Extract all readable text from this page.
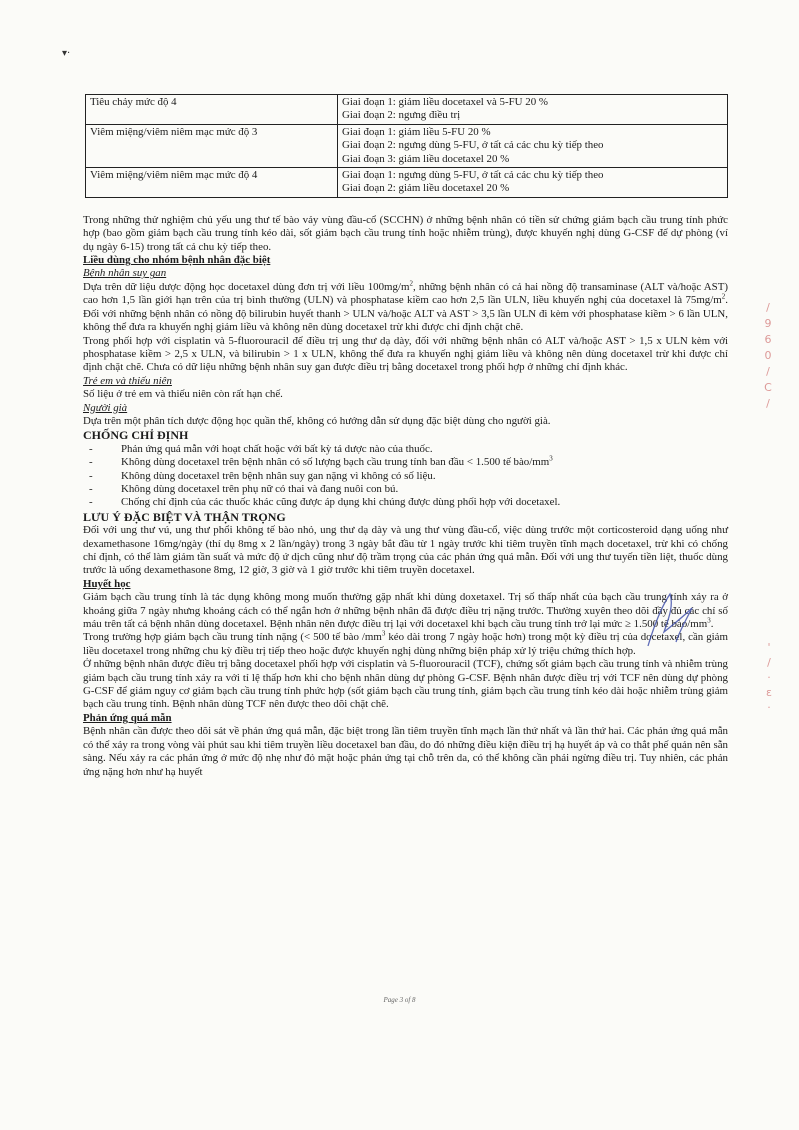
▾·
Tiêu chảy mức độ 4	Giai đoạn 1: giảm liều docetaxel và 5-FU 20 %
Giai đoạn 2: ngưng điều trị

Viêm miệng/viêm niêm mạc mức độ 3	Giai đoạn 1: giảm liều 5-FU 20 %
Giai đoạn 2: ngưng dùng 5-FU, ở tất cả các chu kỳ tiếp theo
Giai đoạn 3: giảm liều docetaxel 20 %

Viêm miệng/viêm niêm mạc mức độ 4	Giai đoạn 1: ngưng dùng 5-FU, ở tất cả các chu kỳ tiếp theo
Giai đoạn 2: giảm liều docetaxel 20 %

Trong những thử nghiệm chủ yếu ung thư tế bào vảy vùng đầu-cổ (SCCHN) ở những bệnh nhân có tiền sử chứng giảm bạch cầu trung tính phức hợp (bao gồm giảm bạch cầu trung tính kéo dài, sốt giảm bạch cầu trung tính hoặc nhiễm trùng), được khuyến nghị dùng G-CSF để dự phòng (ví dụ ngày 6-15) trong tất cả chu kỳ tiếp theo.

Liều dùng cho nhóm bệnh nhân đặc biệt
Bệnh nhân suy gan

Dựa trên dữ liệu dược động học docetaxel dùng đơn trị với liều $100mg/m^2$, những bệnh nhân có cả hai nồng độ transaminase (ALT và/hoặc AST) cao hơn 1,5 lần giới hạn trên của trị bình thường (ULN) và phosphatase kiềm cao hơn 2,5 lần ULN, liều khuyến nghị của docetaxel là $75mg/m^2$. Đối với những bệnh nhân có nồng độ bilirubin huyết thanh > ULN và/hoặc ALT và AST > 3,5 lần ULN đi kèm với phosphatase kiềm > 6 lần ULN, không thể đưa ra khuyến nghị giảm liều và không nên dùng docetaxel trừ khi được chỉ định chặt chẽ.

Trong phối hợp với cisplatin và 5-fluorouracil để điều trị ung thư dạ dày, đối với những bệnh nhân có ALT và/hoặc AST > 1,5 x ULN kèm với phosphatase kiềm > 2,5 x ULN, và bilirubin > 1 x ULN, không thể đưa ra khuyến nghị giảm liều và không nên dùng docetaxel trừ khi được chỉ định chặt chẽ. Chưa có dữ liệu những bệnh nhân suy gan được điều trị bằng docetaxel trong phối hợp ở những chỉ định khác.

Trẻ em và thiếu niên

Số liệu ở trẻ em và thiếu niên còn rất hạn chế.

Người già

Dựa trên một phân tích dược động học quần thể, không có hướng dẫn sử dụng đặc biệt dùng cho người già.

CHỐNG CHỈ ĐỊNH
-	Phản ứng quá mẫn với hoạt chất hoặc với bất kỳ tá dược nào của thuốc.
-	Không dùng docetaxel trên bệnh nhân có số lượng bạch cầu trung tính ban đầu < 1.500 tế bào/$mm^3$
-	Không dùng docetaxel trên bệnh nhân suy gan nặng vì không có số liệu.
-	Không dùng docetaxel trên phụ nữ có thai và đang nuôi con bú.
-	Chống chỉ định của các thuốc khác cũng được áp dụng khi chúng được dùng phối hợp với docetaxel.
LƯU Ý ĐẶC BIỆT VÀ THẬN TRỌNG

Đối với ung thư vú, ung thư phổi không tế bào nhỏ, ung thư dạ dày và ung thư vùng đầu-cổ, việc dùng trước một corticosteroid dạng uống như dexamethasone 16mg/ngày (thí dụ 8mg x 2 lần/ngày) trong 3 ngày bắt đầu từ 1 ngày trước khi tiêm truyền tĩnh mạch docetaxel, trừ khi có chống chỉ định, có thể làm giảm tần suất và mức độ ứ dịch cũng như độ trầm trọng của các phản ứng quá mẫn. Đối với ung thư tuyến tiền liệt, thuốc dùng trước là uống dexamethasone 8mg, 12 giờ, 3 giờ và 1 giờ trước khi tiêm truyền docetaxel.

Huyết học

Giảm bạch cầu trung tính là tác dụng không mong muốn thường gặp nhất khi dùng doxetaxel. Trị số thấp nhất của bạch cầu trung tính xảy ra ở khoảng giữa 7 ngày nhưng khoảng cách có thể ngắn hơn ở những bệnh nhân đã được điều trị nặng trước. Thường xuyên theo dõi đầy đủ các chỉ số máu trên tất cả bệnh nhân dùng docetaxel. Bệnh nhân nên được điều trị lại với docetaxel khi bạch cầu trung tính trở lại mức ≥ 1.500 tế bào/$mm^3$.

Trong trường hợp giảm bạch cầu trung tính nặng (< 500 tế bào $/mm^3$ kéo dài trong 7 ngày hoặc hơn) trong một kỳ điều trị của docetaxel, cần giảm liều docetaxel trong những chu kỳ điều trị tiếp theo hoặc được khuyến nghị dùng những biện pháp xử lý triệu chứng thích hợp.

Ở những bệnh nhân được điều trị bằng docetaxel phối hợp với cisplatin và 5-fluorouracil (TCF), chứng sốt giảm bạch cầu trung tính và nhiễm trùng giảm bạch cầu trung tính xảy ra với tỉ lệ thấp hơn khi cho bệnh nhân dùng dự phòng G-CSF. Bệnh nhân được điều trị với TCF nên dùng dự phòng G-CSF để giảm nguy cơ giảm bạch cầu trung tính phức hợp (sốt giảm bạch cầu trung tính, giảm bạch cầu trung tính kéo dài hoặc nhiễm trùng giảm bạch cầu trung tính. Bệnh nhân dùng TCF nên được theo dõi chặt chẽ.

Phản ứng quá mẫn

Bệnh nhân cần được theo dõi sát về phản ứng quá mẫn, đặc biệt trong lần tiêm truyền tĩnh mạch lần thứ nhất và lần thứ hai. Các phản ứng quá mẫn có thể xảy ra trong vòng vài phút sau khi tiêm truyền liều docetaxel ban đầu, do đó những điều kiện điều trị hạ huyết áp và co thắt phế quản nên sẵn sàng. Nếu xảy ra các phản ứng ở mức độ nhẹ như đỏ mặt hoặc phản ứng tại chỗ trên da, có thể không cần phải ngừng điều trị. Tuy nhiên, các phản ứng nặng hơn như hạ huyết

Page 3 of 8
/
9
6
0
/
C
/
'
/
·
ε
·
